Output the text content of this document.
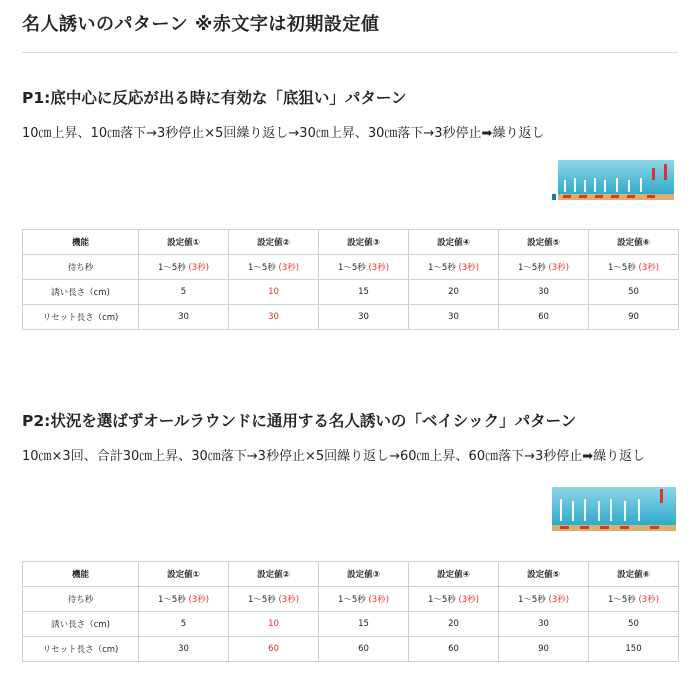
名人誘いのパターン ※赤文字は初期設定値
P1:底中心に反応が出る時に有効な「底狙い」パターン

10㎝上昇、10㎝落下→3秒停止×5回繰り返し→30㎝上昇、30㎝落下→3秒停止➡繰り返し

機能	設定値①	設定値②	設定値③	設定値④	設定値⑤	設定値⑥
待ち秒	1～5秒 (3秒)	1～5秒 (3秒)	1～5秒 (3秒)	1～5秒 (3秒)	1～5秒 (3秒)	1～5秒 (3秒)
誘い長さ（cm)	5	10	15	20	30	50
リセット長さ（cm)	30	30	30	30	60	90
P2:状況を選ばずオールラウンドに通用する名人誘いの「ベイシック」パターン

10㎝×3回、合計30㎝上昇、30㎝落下→3秒停止×5回繰り返し→60㎝上昇、60㎝落下→3秒停止➡繰り返し

機能	設定値①	設定値②	設定値③	設定値④	設定値⑤	設定値⑥
待ち秒	1～5秒 (3秒)	1～5秒 (3秒)	1～5秒 (3秒)	1～5秒 (3秒)	1～5秒 (3秒)	1～5秒 (3秒)
誘い長さ（cm)	5	10	15	20	30	50
リセット長さ（cm)	30	60	60	60	90	150
